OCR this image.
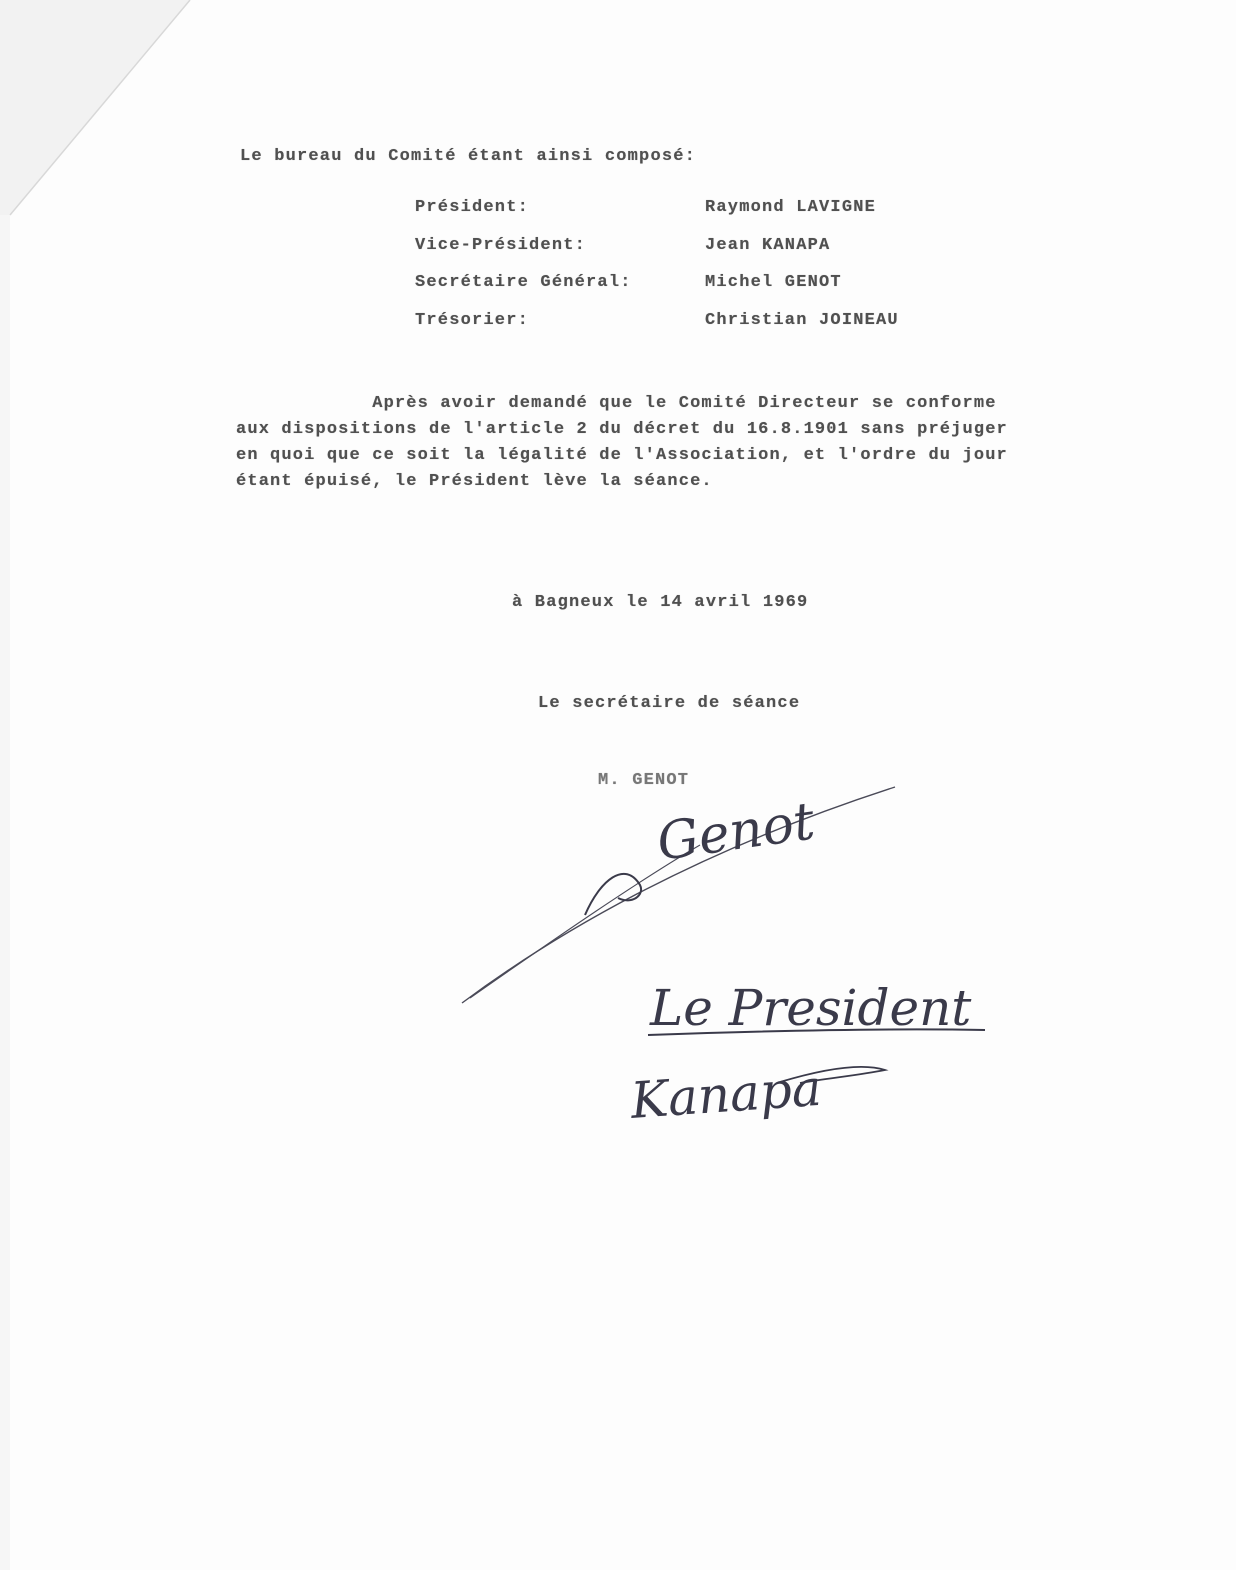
Le bureau du Comité étant ainsi composé:
Président:	Raymond LAVIGNE
Vice-Président:	Jean KANAPA
Secrétaire Général:	Michel GENOT
Trésorier:	Christian JOINEAU
Après avoir demandé que le Comité Directeur se conforme
aux dispositions de l'article 2 du décret du 16.8.1901 sans préjuger
en quoi que ce soit la légalité de l'Association, et l'ordre du jour
étant épuisé, le Président lève la séance.
à Bagneux le 14 avril 1969
Le secrétaire de séance
M. GENOT
Genot
Le President
Kanapa
